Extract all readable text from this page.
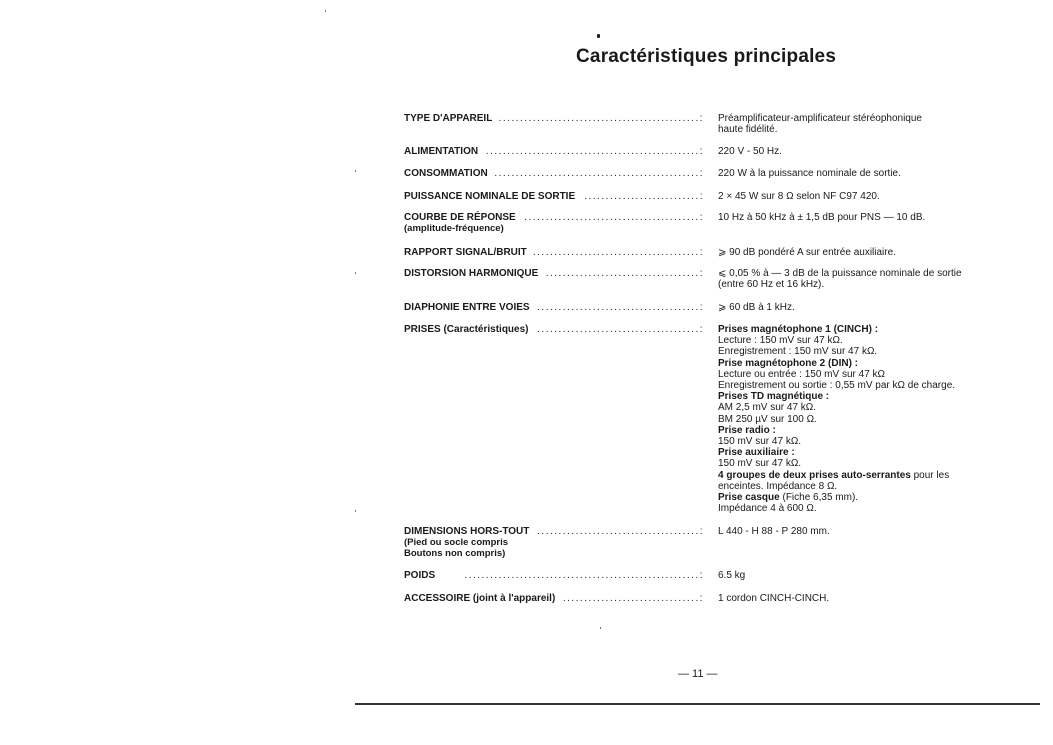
Caractéristiques principales
TYPE D'APPAREIL ...............................................: Préamplificateur-amplificateur stéréophonique
haute fidélité.
ALIMENTATION ..................................................: 220 V - 50 Hz.
CONSOMMATION ................................................: 220 W à la puissance nominale de sortie.
PUISSANCE NOMINALE DE SORTIE ...........................: 2 × 45 W sur 8 Ω selon NF C97 420.
COURBE DE RÉPONSE .........................................:
(amplitude-fréquence)
10 Hz à 50 kHz à ± 1,5 dB pour PNS — 10 dB.
RAPPORT SIGNAL/BRUIT .......................................: ⩾ 90 dB pondéré A sur entrée auxiliaire.
DISTORSION HARMONIQUE ....................................: ⩽ 0,05 % à — 3 dB de la puissance nominale de sortie
(entre 60 Hz et 16 kHz).
DIAPHONIE ENTRE VOIES ......................................: ⩾ 60 dB à 1 kHz.
PRISES (Caractéristiques) ......................................: Prises magnétophone 1 (CINCH) :
Lecture : 150 mV sur 47 kΩ.
Enregistrement : 150 mV sur 47 kΩ.
Prise magnétophone 2 (DIN) :
Lecture ou entrée : 150 mV sur 47 kΩ
Enregistrement ou sortie : 0,55 mV par kΩ de charge.
Prises TD magnétique :
AM 2,5 mV sur 47 kΩ.
BM 250 µV sur 100 Ω.
Prise radio :
150 mV sur 47 kΩ.
Prise auxiliaire :
150 mV sur 47 kΩ.
4 groupes de deux prises auto-serrantes pour les
enceintes. Impédance 8 Ω.
Prise casque (Fiche 6,35 mm).
Impédance 4 à 600 Ω.
DIMENSIONS HORS-TOUT ......................................:
(Pied ou socle compris
Boutons non compris)
L 440 - H 88 - P 280 mm.
POIDS	.......................................................: 6.5 kg
ACCESSOIRE (joint à l'appareil) ................................: 1 cordon CINCH-CINCH.
— 11 —
